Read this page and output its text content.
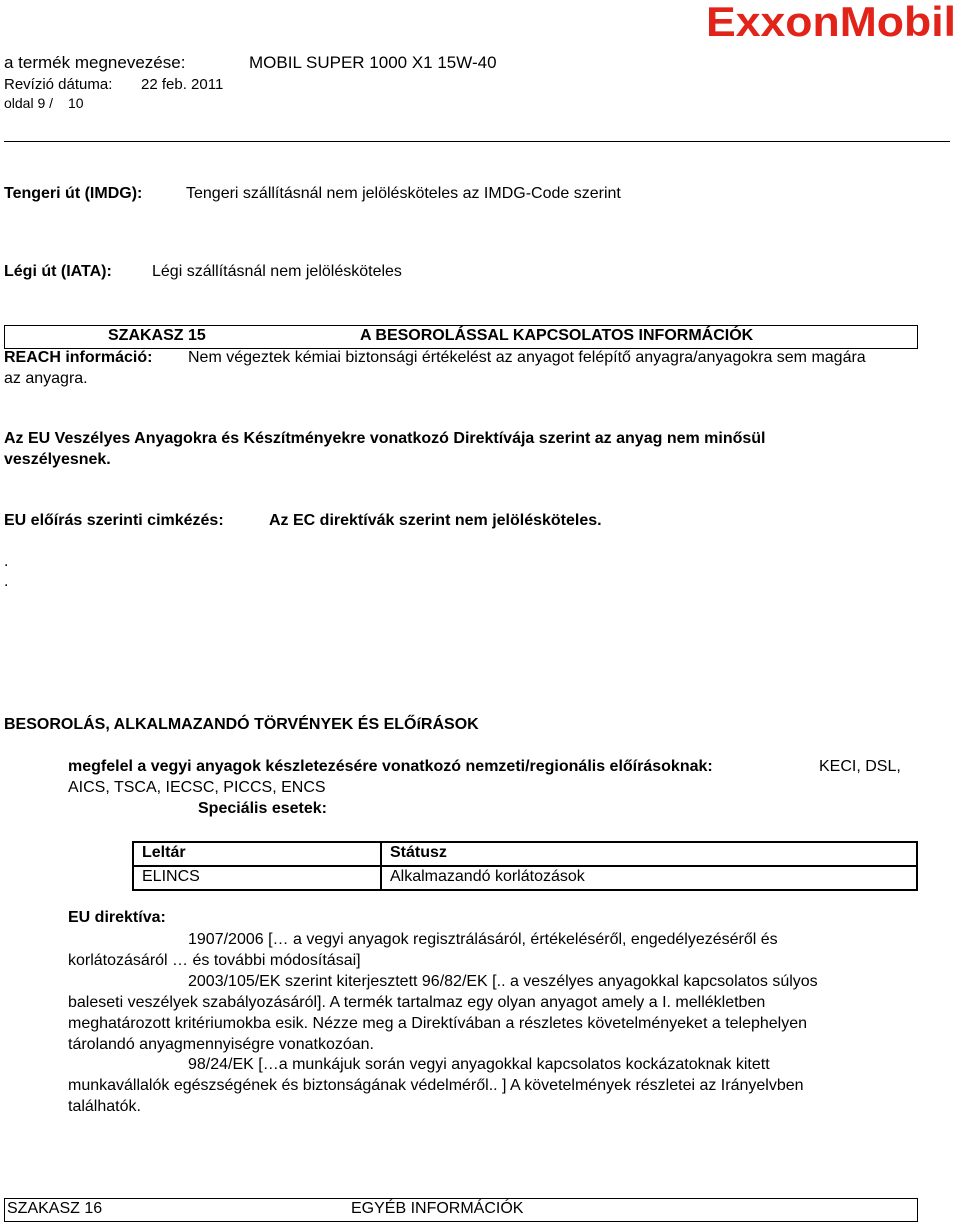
a termék megnevezése:	MOBIL SUPER 1000 X1 15W-40
Revízió dátuma: 22 feb. 2011
oldal 9 / 10
ExxonMobil
Tengeri út (IMDG):	Tengeri szállításnál nem jelölésköteles az IMDG-Code szerint
Légi út (IATA):	Légi szállításnál nem jelölésköteles
SZAKASZ 15	A BESOROLÁSSAL KAPCSOLATOS INFORMÁCIÓK
REACH információ: Nem végeztek kémiai biztonsági értékelést az anyagot felépítő anyagra/anyagokra sem magára
az anyagra.
Az EU Veszélyes Anyagokra és Készítményekre vonatkozó Direktívája szerint az anyag nem minősül
veszélyesnek.
EU előírás szerinti cimkézés:	Az EC direktívák szerint nem jelölésköteles.
.
.
BESOROLÁS, ALKALMAZANDÓ TÖRVÉNYEK ÉS ELŐíRÁSOK
megfelel a vegyi anyagok készletezésére vonatkozó nemzeti/regionális előírásoknak:	KECI, DSL,
AICS, TSCA, IECSC, PICCS, ENCS
Speciális esetek:
Leltár	Státusz
ELINCS	Alkalmazandó korlátozások
EU direktíva:
1907/2006 [… a vegyi anyagok regisztrálásáról, értékeléséről, engedélyezéséről és
korlátozásáról … és további módosításai]
2003/105/EK szerint kiterjesztett 96/82/EK [.. a veszélyes anyagokkal kapcsolatos súlyos
baleseti veszélyek szabályozásáról]. A termék tartalmaz egy olyan anyagot amely a I. mellékletben
meghatározott kritériumokba esik. Nézze meg a Direktívában a részletes követelményeket a telephelyen
tárolandó anyagmennyiségre vonatkozóan.
98/24/EK […a munkájuk során vegyi anyagokkal kapcsolatos kockázatoknak kitett
munkavállalók egészségének és biztonságának védelméről.. ] A követelmények részletei az Irányelvben
találhatók.
SZAKASZ 16	EGYÉB INFORMÁCIÓK
